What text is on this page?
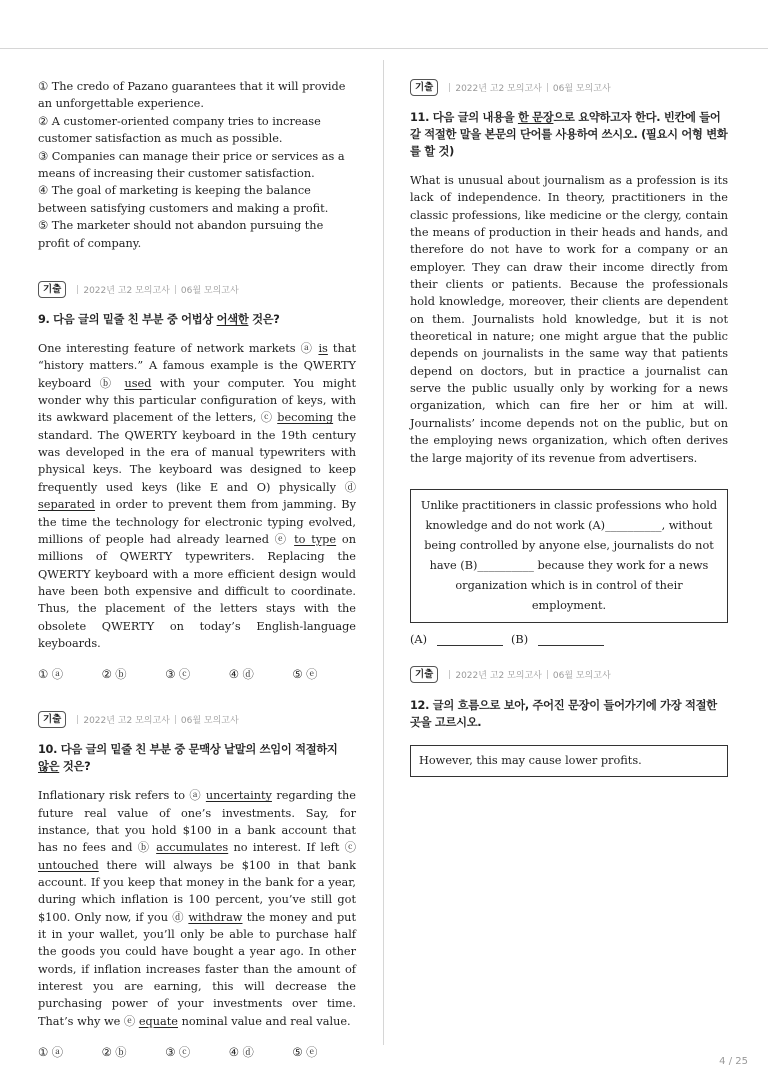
① The credo of Pazano guarantees that it will provide an unforgettable experience.
② A customer-oriented company tries to increase customer satisfaction as much as possible.
③ Companies can manage their price or services as a means of increasing their customer satisfaction.
④ The goal of marketing is keeping the balance between satisfying customers and making a profit.
⑤ The marketer should not abandon pursuing the profit of company.
기출	2022년 고2 모의고사 06월 모의고사
9. 다음 글의 밑줄 친 부분 중 어법상 어색한 것은?
One interesting feature of network markets ⓐ is that “history matters.” A famous example is the QWERTY keyboard ⓑ used with your computer. You might wonder why this particular configuration of keys, with its awkward placement of the letters, ⓒ becoming the standard. The QWERTY keyboard in the 19th century was developed in the era of manual typewriters with physical keys. The keyboard was designed to keep frequently used keys (like E and O) physically ⓓ separated in order to prevent them from jamming. By the time the technology for electronic typing evolved, millions of people had already learned ⓔ to type on millions of QWERTY typewriters. Replacing the QWERTY keyboard with a more efficient design would have been both expensive and difficult to coordinate. Thus, the placement of the letters stays with the obsolete QWERTY on today’s English-language keyboards.
① ⓐ	② ⓑ	③ ⓒ	④ ⓓ	⑤ ⓔ
기출	2022년 고2 모의고사 06월 모의고사
10. 다음 글의 밑줄 친 부분 중 문맥상 낱말의 쓰임이 적절하지
않은 것은?
Inflationary risk refers to ⓐ uncertainty regarding the future real value of one’s investments. Say, for instance, that you hold $100 in a bank account that has no fees and ⓑ accumulates no interest. If left ⓒ untouched there will always be $100 in that bank account. If you keep that money in the bank for a year, during which inflation is 100 percent, you’ve still got $100. Only now, if you ⓓ withdraw the money and put it in your wallet, you’ll only be able to purchase half the goods you could have bought a year ago. In other words, if inflation increases faster than the amount of interest you are earning, this will decrease the purchasing power of your investments over time. That’s why we ⓔ equate nominal value and real value.
① ⓐ	② ⓑ	③ ⓒ	④ ⓓ	⑤ ⓔ
기출	2022년 고2 모의고사 06월 모의고사
11. 다음 글의 내용을 한 문장으로 요약하고자 한다. 빈칸에 들어갈 적절한 말을 본문의 단어를 사용하여 쓰시오. (필요시 어형 변화를 할 것)
What is unusual about journalism as a profession is its lack of independence. In theory, practitioners in the classic professions, like medicine or the clergy, contain the means of production in their heads and hands, and therefore do not have to work for a company or an employer. They can draw their income directly from their clients or patients. Because the professionals hold knowledge, moreover, their clients are dependent on them. Journalists hold knowledge, but it is not theoretical in nature; one might argue that the public depends on journalists in the same way that patients depend on doctors, but in practice a journalist can serve the public usually only by working for a news organization, which can fire her or him at will. Journalists’ income depends not on the public, but on the employing news organization, which often derives the large majority of its revenue from advertisers.
Unlike practitioners in classic professions who hold knowledge and do not work (A)__________, without being controlled by anyone else, journalists do not have (B)__________ because they work for a news organization which is in control of their employment.
(A)	(B)
기출	2022년 고2 모의고사 06월 모의고사
12. 글의 흐름으로 보아, 주어진 문장이 들어가기에 가장 적절한 곳을 고르시오.
However, this may cause lower profits.
4 / 25
